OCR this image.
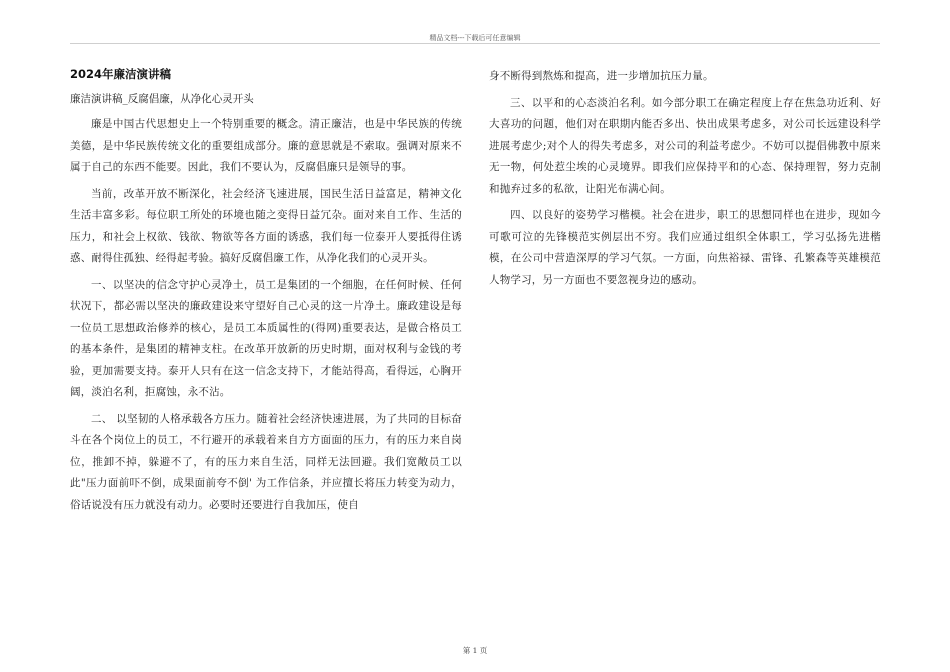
精品文档---下载后可任意编辑
2024年廉洁演讲稿

廉洁演讲稿_反腐倡廉，从净化心灵开头

廉是中国古代思想史上一个特别重要的概念。清正廉洁，也是中华民族的传统美德，是中华民族传统文化的重要组成部分。廉的意思就是不索取。强调对原来不属于自己的东西不能要。因此，我们不要认为，反腐倡廉只是领导的事。

当前，改革开放不断深化，社会经济飞速进展，国民生活日益富足，精神文化生活丰富多彩。每位职工所处的环境也随之变得日益冗杂。面对来自工作、生活的压力，和社会上权欲、钱欲、物欲等各方面的诱惑，我们每一位泰开人要抵得住诱惑、耐得住孤独、经得起考验。搞好反腐倡廉工作，从净化我们的心灵开头。

一、以坚决的信念守护心灵净土，员工是集团的一个细胞，在任何时候、任何状况下，都必需以坚决的廉政建设来守望好自己心灵的这一片净土。廉政建设是每一位员工思想政治修养的核心，是员工本质属性的(得网)重要表达，是做合格员工的基本条件，是集团的精神支柱。在改革开放新的历史时期，面对权利与金钱的考验，更加需要支持。泰开人只有在这一信念支持下，才能站得高，看得远，心胸开阔，淡泊名利，拒腐蚀，永不沾。

二、 以坚韧的人格承载各方压力。随着社会经济快速进展，为了共同的目标奋斗在各个岗位上的员工，不行避开的承载着来自方方面面的压力，有的压力来自岗位，推卸不掉，躲避不了，有的压力来自生活，同样无法回避。我们宽敞员工以此"压力面前吓不倒，成果面前夸不倒' 为工作信条，并应擅长将压力转变为动力，俗话说没有压力就没有动力。必要时还要进行自我加压，使自

身不断得到熬炼和提高，进一步增加抗压力量。

三、以平和的心态淡泊名利。如今部分职工在确定程度上存在焦急功近利、好大喜功的问题，他们对在职期内能否多出、快出成果考虑多，对公司长远建设科学进展考虑少;对个人的得失考虑多，对公司的利益考虑少。不妨可以提倡佛教中原来无一物，何处惹尘埃的心灵境界。即我们应保持平和的心态、保持理智，努力克制和抛弃过多的私欲，让阳光布满心间。

四、以良好的姿势学习楷模。社会在进步，职工的思想同样也在进步，现如今可歌可泣的先锋模范实例层出不穷。我们应通过组织全体职工，学习弘扬先进楷模，在公司中营造深厚的学习气氛。一方面，向焦裕禄、雷锋、孔繁森等英雄模范人物学习，另一方面也不要忽视身边的感动。

第 1 页
